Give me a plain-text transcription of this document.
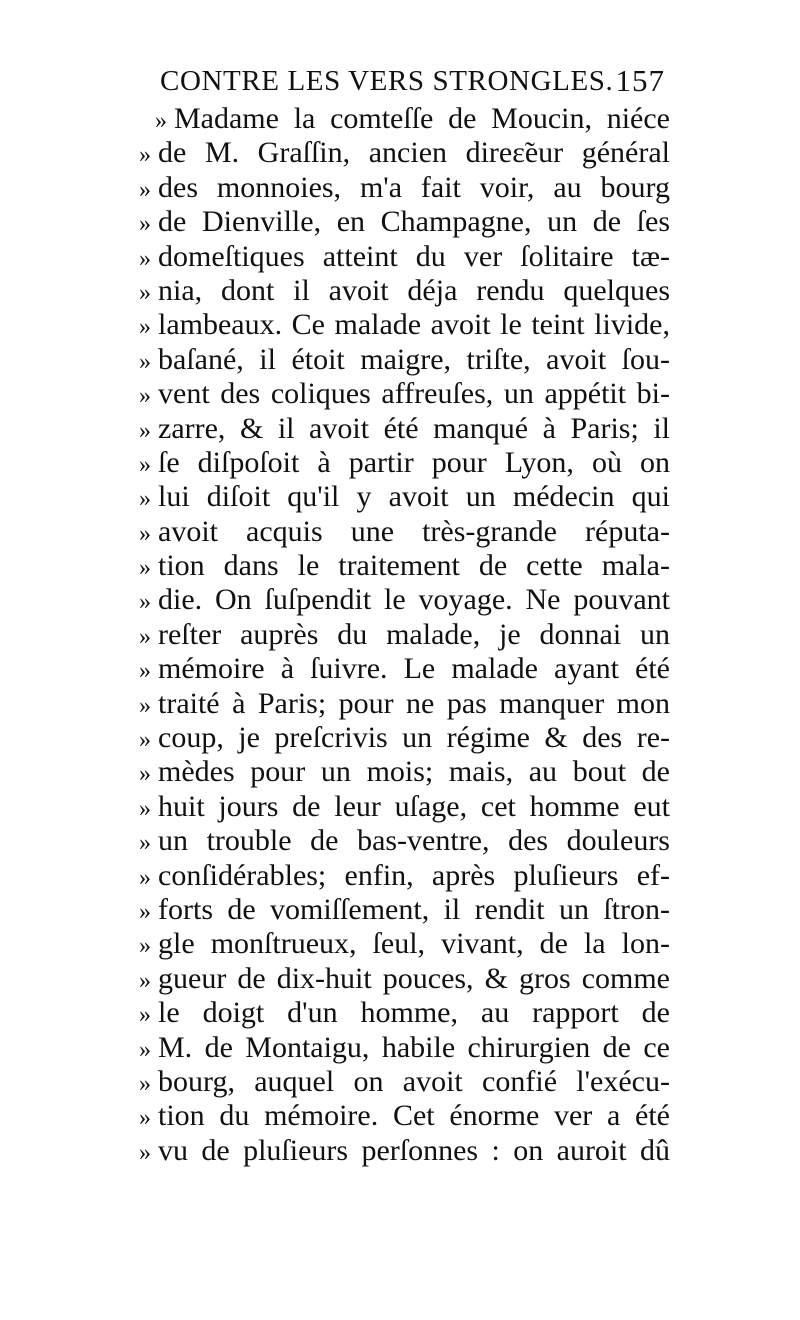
CONTRE LES VERS STRONGLES. 157
» Madame la comteſſe de Moucin, niéce
» de M. Graſſin, ancien direɛ̃eur général
» des monnoies, m'a fait voir, au bourg
» de Dienville, en Champagne, un de ſes
» domeſtiques atteint du ver ſolitaire tæ-
» nia, dont il avoit déja rendu quelques
» lambeaux. Ce malade avoit le teint livide,
» baſané, il étoit maigre, triſte, avoit ſou-
» vent des coliques affreuſes, un appétit bi-
» zarre, & il avoit été manqué à Paris; il
» ſe diſpoſoit à partir pour Lyon, où on
» lui diſoit qu'il y avoit un médecin qui
» avoit acquis une très-grande réputa-
» tion dans le traitement de cette mala-
» die. On ſuſpendit le voyage. Ne pouvant
» reſter auprès du malade, je donnai un
» mémoire à ſuivre. Le malade ayant été
» traité à Paris; pour ne pas manquer mon
» coup, je preſcrivis un régime & des re-
» mèdes pour un mois; mais, au bout de
» huit jours de leur uſage, cet homme eut
» un trouble de bas-ventre, des douleurs
» conſidérables; enfin, après pluſieurs ef-
» forts de vomiſſement, il rendit un ſtron-
» gle monſtrueux, ſeul, vivant, de la lon-
» gueur de dix-huit pouces, & gros comme
» le doigt d'un homme, au rapport de
» M. de Montaigu, habile chirurgien de ce
» bourg, auquel on avoit confié l'exécu-
» tion du mémoire. Cet énorme ver a été
» vu de pluſieurs perſonnes : on auroit dû
